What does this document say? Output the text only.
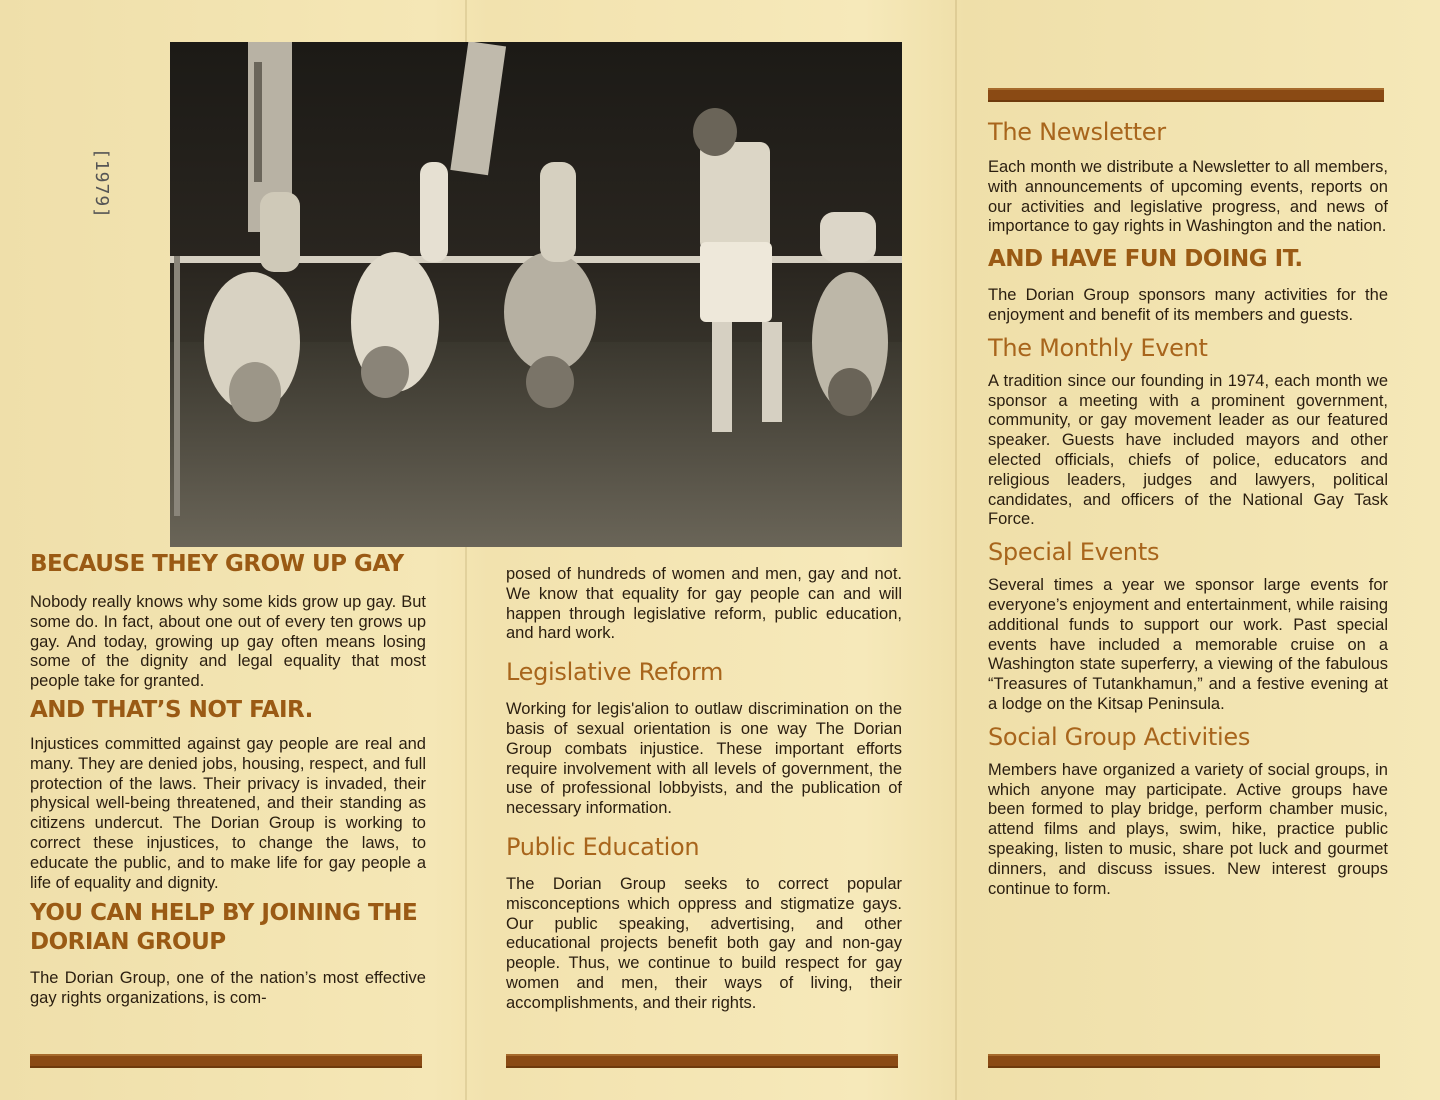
[1979]
BECAUSE THEY GROW UP GAY

Nobody really knows why some kids grow up gay. But some do. In fact, about one out of every ten grows up gay. And today, growing up gay often means losing some of the dignity and legal equality that most people take for granted.

AND THAT’S NOT FAIR.

Injustices committed against gay people are real and many. They are denied jobs, housing, respect, and full protection of the laws. Their privacy is invaded, their physical well-being threatened, and their standing as citizens undercut. The Dorian Group is working to correct these injustices, to change the laws, to educate the public, and to make life for gay people a life of equality and dignity.

YOU CAN HELP BY JOINING THE DORIAN GROUP

The Dorian Group, one of the nation’s most effective gay rights organizations, is com-

posed of hundreds of women and men, gay and not. We know that equality for gay people can and will happen through legislative reform, public education, and hard work.

Legislative Reform

Working for legis'alion to outlaw discrimination on the basis of sexual orientation is one way The Dorian Group combats injustice. These important efforts require involvement with all levels of government, the use of professional lobbyists, and the publication of necessary information.

Public Education

The Dorian Group seeks to correct popular misconceptions which oppress and stigmatize gays. Our public speaking, advertising, and other educational projects benefit both gay and non-gay people. Thus, we continue to build respect for gay women and men, their ways of living, their accomplishments, and their rights.

The Newsletter

Each month we distribute a Newsletter to all members, with announcements of upcoming events, reports on our activities and legislative progress, and news of importance to gay rights in Washington and the nation.

AND HAVE FUN DOING IT.

The Dorian Group sponsors many activities for the enjoyment and benefit of its members and guests.

The Monthly Event

A tradition since our founding in 1974, each month we sponsor a meeting with a prominent government, community, or gay movement leader as our featured speaker. Guests have included mayors and other elected officials, chiefs of police, educators and religious leaders, judges and lawyers, political candidates, and officers of the National Gay Task Force.

Special Events

Several times a year we sponsor large events for everyone’s enjoyment and entertainment, while raising additional funds to support our work. Past special events have included a memorable cruise on a Washington state superferry, a viewing of the fabulous “Treasures of Tutankhamun,” and a festive evening at a lodge on the Kitsap Peninsula.

Social Group Activities

Members have organized a variety of social groups, in which anyone may participate. Active groups have been formed to play bridge, perform chamber music, attend films and plays, swim, hike, practice public speaking, listen to music, share pot luck and gourmet dinners, and discuss issues. New interest groups continue to form.
